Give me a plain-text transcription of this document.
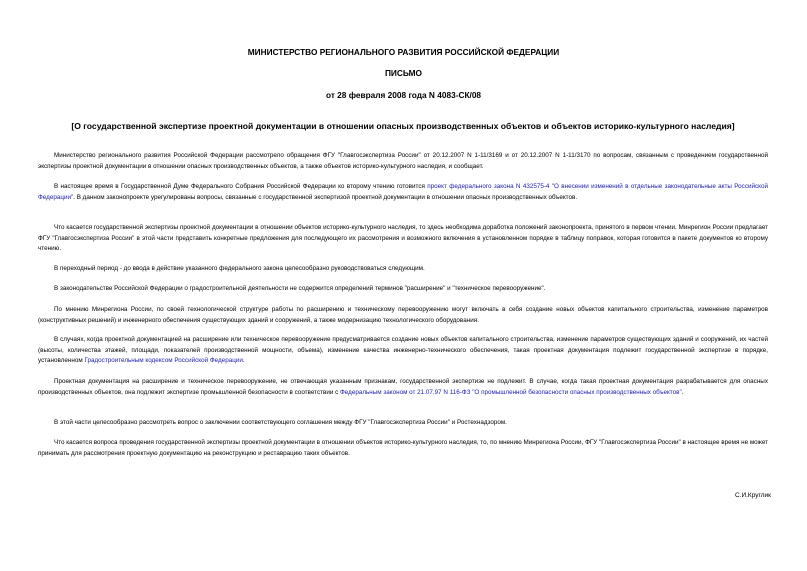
МИНИСТЕРСТВО РЕГИОНАЛЬНОГО РАЗВИТИЯ РОССИЙСКОЙ ФЕДЕРАЦИИ
ПИСЬМО
от 28 февраля 2008 года N 4083-СК/08
[О государственной экспертизе проектной документации в отношении опасных производственных объектов и объектов историко-культурного наследия]
Министерство регионального развития Российской Федерации рассмотрело обращения ФГУ "Главгосэкспертиза России" от 20.12.2007 N 1-11/3169 и от 20.12.2007 N 1-11/3170 по вопросам, связанным с проведением государственной экспертизы проектной документации в отношении опасных производственных объектов, а также объектов историко-культурного наследия, и сообщает.
В настоящее время в Государственной Думе Федерального Собрания Российской Федерации ко второму чтению готовится проект федерального закона N 432575-4 "О внесении изменений в отдельные законодательные акты Российской Федерации". В данном законопроекте урегулированы вопросы, связанные с государственной экспертизой проектной документации в отношении опасных производственных объектов.
Что касается государственной экспертизы проектной документации в отношении объектов историко-культурного наследия, то здесь необходима доработка положений законопроекта, принятого в первом чтении. Минрегион России предлагает ФГУ "Главгосэкспертиза России" в этой части представить конкретные предложения для последующего их рассмотрения и возможного включения в установленном порядке в таблицу поправок, которая готовится в пакете документов ко второму чтению.
В переходный период - до ввода в действие указанного федерального закона целесообразно руководствоваться следующим.
В законодательстве Российской Федерации о градостроительной деятельности не содержится определений терминов "расширение" и "техническое перевооружение".
По мнению Минрегиона России, по своей технологической структуре работы по расширению и техническому перевооружению могут включать в себя создание новых объектов капитального строительства, изменение параметров (конструктивных решений) и инженерного обеспечения существующих зданий и сооружений, а также модернизацию технологического оборудования.
В случаях, когда проектной документацией на расширение или техническое перевооружение предусматривается создание новых объектов капитального строительства, изменение параметров существующих зданий и сооружений, их частей (высоты, количества этажей, площади, показателей производственной мощности, объема), изменение качества инженерно-технического обеспечения, такая проектная документация подлежит государственной экспертизе в порядке, установленном Градостроительным кодексом Российской Федерации.
Проектная документация на расширение и техническое перевооружение, не отвечающая указанным признакам, государственной экспертизе не подлежит. В случае, когда такая проектная документация разрабатывается для опасных производственных объектов, она подлежит экспертизе промышленной безопасности в соответствии с Федеральным законом от 21.07.97 N 116-ФЗ "О промышленной безопасности опасных производственных объектов".
В этой части целесообразно рассмотреть вопрос о заключении соответствующего соглашения между ФГУ "Главгосэкспертиза России" и Ростехнадзором.
Что касается вопроса проведения государственной экспертизы проектной документации в отношении объектов историко-культурного наследия, то, по мнению Минрегиона России, ФГУ "Главгосэкспертиза России" в настоящее время не может принимать для рассмотрения проектную документацию на реконструкцию и реставрацию таких объектов.
С.И.Круглик
